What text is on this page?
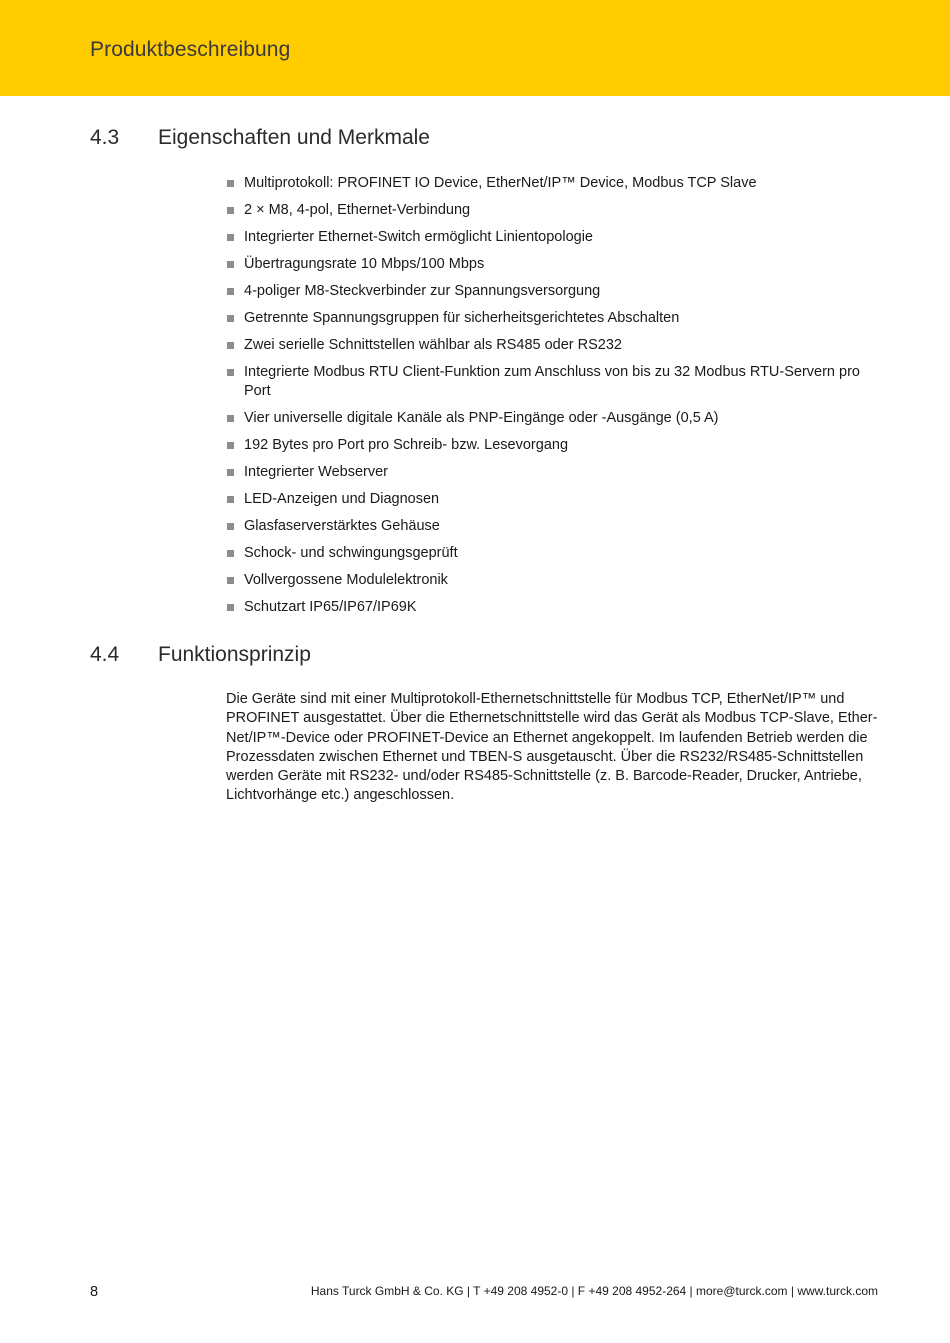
Produktbeschreibung
4.3	Eigenschaften und Merkmale
Multiprotokoll: PROFINET IO Device, EtherNet/IP™ Device, Modbus TCP Slave
2 × M8, 4-pol, Ethernet-Verbindung
Integrierter Ethernet-Switch ermöglicht Linientopologie
Übertragungsrate 10 Mbps/100 Mbps
4-poliger M8-Steckverbinder zur Spannungsversorgung
Getrennte Spannungsgruppen für sicherheitsgerichtetes Abschalten
Zwei serielle Schnittstellen wählbar als RS485 oder RS232
Integrierte Modbus RTU Client-Funktion zum Anschluss von bis zu 32 Modbus RTU-Servern pro Port
Vier universelle digitale Kanäle als PNP-Eingänge oder -Ausgänge (0,5 A)
192 Bytes pro Port pro Schreib- bzw. Lesevorgang
Integrierter Webserver
LED-Anzeigen und Diagnosen
Glasfaserverstärktes Gehäuse
Schock- und schwingungsgeprüft
Vollvergossene Modulelektronik
Schutzart IP65/IP67/IP69K
4.4	Funktionsprinzip

Die Geräte sind mit einer Multiprotokoll-Ethernetschnittstelle für Modbus TCP, EtherNet/IP™ und PROFINET ausgestattet. Über die Ethernetschnittstelle wird das Gerät als Modbus TCP-Slave, EtherNet/IP™-Device oder PROFINET-Device an Ethernet angekoppelt. Im laufenden Betrieb werden die Prozessdaten zwischen Ethernet und TBEN-S ausgetauscht. Über die RS232/RS485-Schnittstellen werden Geräte mit RS232- und/oder RS485-Schnittstelle (z. B. Barcode-Reader, Drucker, Antriebe, Lichtvorhänge etc.) angeschlossen.

8	Hans Turck GmbH & Co. KG | T +49 208 4952-0 | F +49 208 4952-264 | more@turck.com | www.turck.com
